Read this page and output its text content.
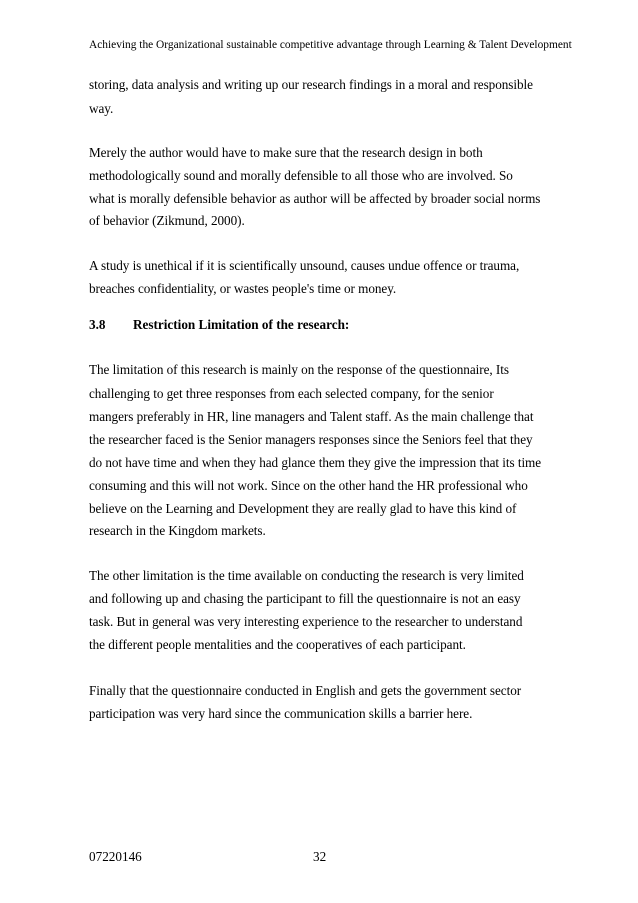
Achieving the Organizational sustainable competitive advantage through Learning & Talent Development
storing, data analysis and writing up our research findings in a moral and responsible
way.
Merely the author would have to make sure that the research design in both
methodologically sound and morally defensible to all those who are involved. So
what is morally defensible behavior as author will be affected by broader social norms
of behavior (Zikmund, 2000).
A study is unethical if it is scientifically unsound, causes undue offence or trauma,
breaches confidentiality, or wastes people's time or money.
3.8 Restriction Limitation of the research:
The limitation of this research is mainly on the response of the questionnaire, Its
challenging to get three responses from each selected company, for the senior
mangers preferably in HR, line managers and Talent staff. As the main challenge that
the researcher faced is the Senior managers responses since the Seniors feel that they
do not have time and when they had glance them they give the impression that its time
consuming and this will not work. Since on the other hand the HR professional who
believe on the Learning and Development they are really glad to have this kind of
research in the Kingdom markets.
The other limitation is the time available on conducting the research is very limited
and following up and chasing the participant to fill the questionnaire is not an easy
task. But in general was very interesting experience to the researcher to understand
the different people mentalities and the cooperatives of each participant.
Finally that the questionnaire conducted in English and gets the government sector
participation was very hard since the communication skills a barrier here.
07220146	32
